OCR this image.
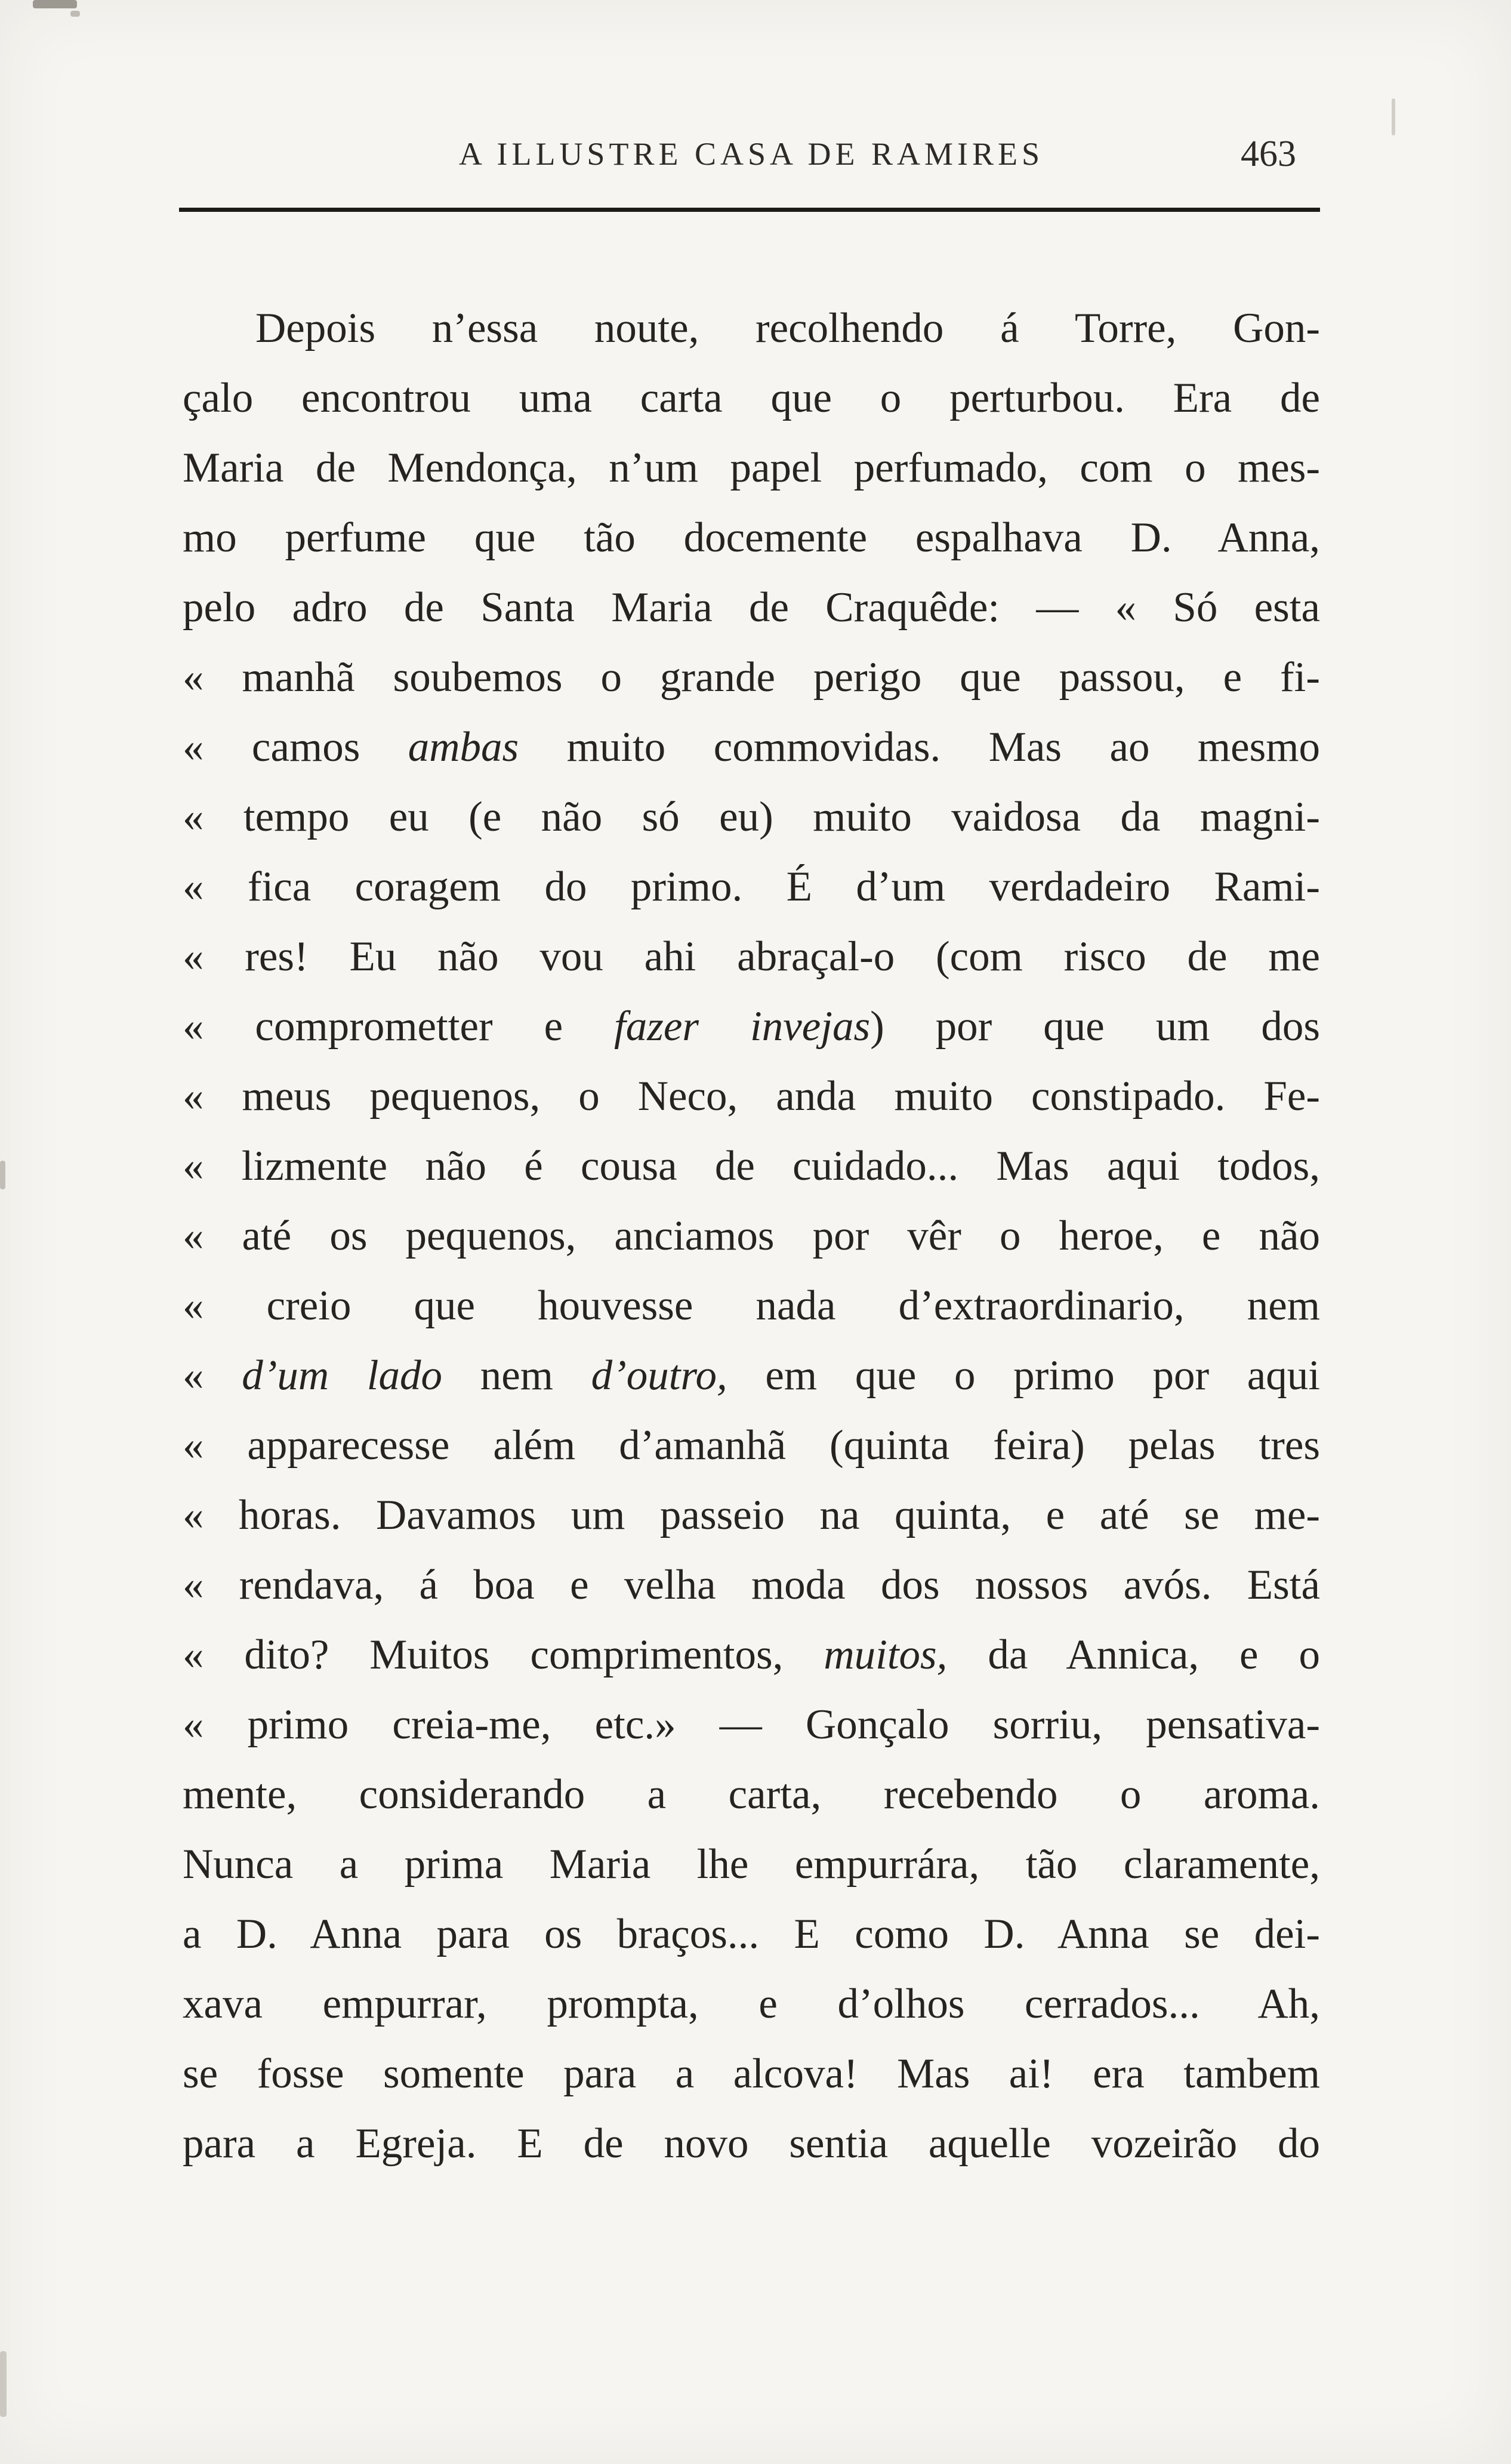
A ILLUSTRE CASA DE RAMIRES	463
Depois n’essa noute, recolhendo á Torre, Gon-
çalo encontrou uma carta que o perturbou. Era de
Maria de Mendonça, n’um papel perfumado, com o mes-
mo perfume que tão docemente espalhava D. Anna,
pelo adro de Santa Maria de Craquêde: — « Só esta
« manhã soubemos o grande perigo que passou, e fi-
« camos ambas muito commovidas. Mas ao mesmo
« tempo eu (e não só eu) muito vaidosa da magni-
« fica coragem do primo. É d’um verdadeiro Rami-
« res! Eu não vou ahi abraçal-o (com risco de me
« comprometter e fazer invejas) por que um dos
« meus pequenos, o Neco, anda muito constipado. Fe-
« lizmente não é cousa de cuidado... Mas aqui todos,
« até os pequenos, anciamos por vêr o heroe, e não
« creio que houvesse nada d’extraordinario, nem
« d’um lado nem d’outro, em que o primo por aqui
« apparecesse além d’amanhã (quinta feira) pelas tres
« horas. Davamos um passeio na quinta, e até se me-
« rendava, á boa e velha moda dos nossos avós. Está
« dito? Muitos comprimentos, muitos, da Annica, e o
« primo creia-me, etc.» — Gonçalo sorriu, pensativa-
mente, considerando a carta, recebendo o aroma.
Nunca a prima Maria lhe empurrára, tão claramente,
a D. Anna para os braços... E como D. Anna se dei-
xava empurrar, prompta, e d’olhos cerrados... Ah,
se fosse somente para a alcova! Mas ai! era tambem
para a Egreja. E de novo sentia aquelle vozeirão do
